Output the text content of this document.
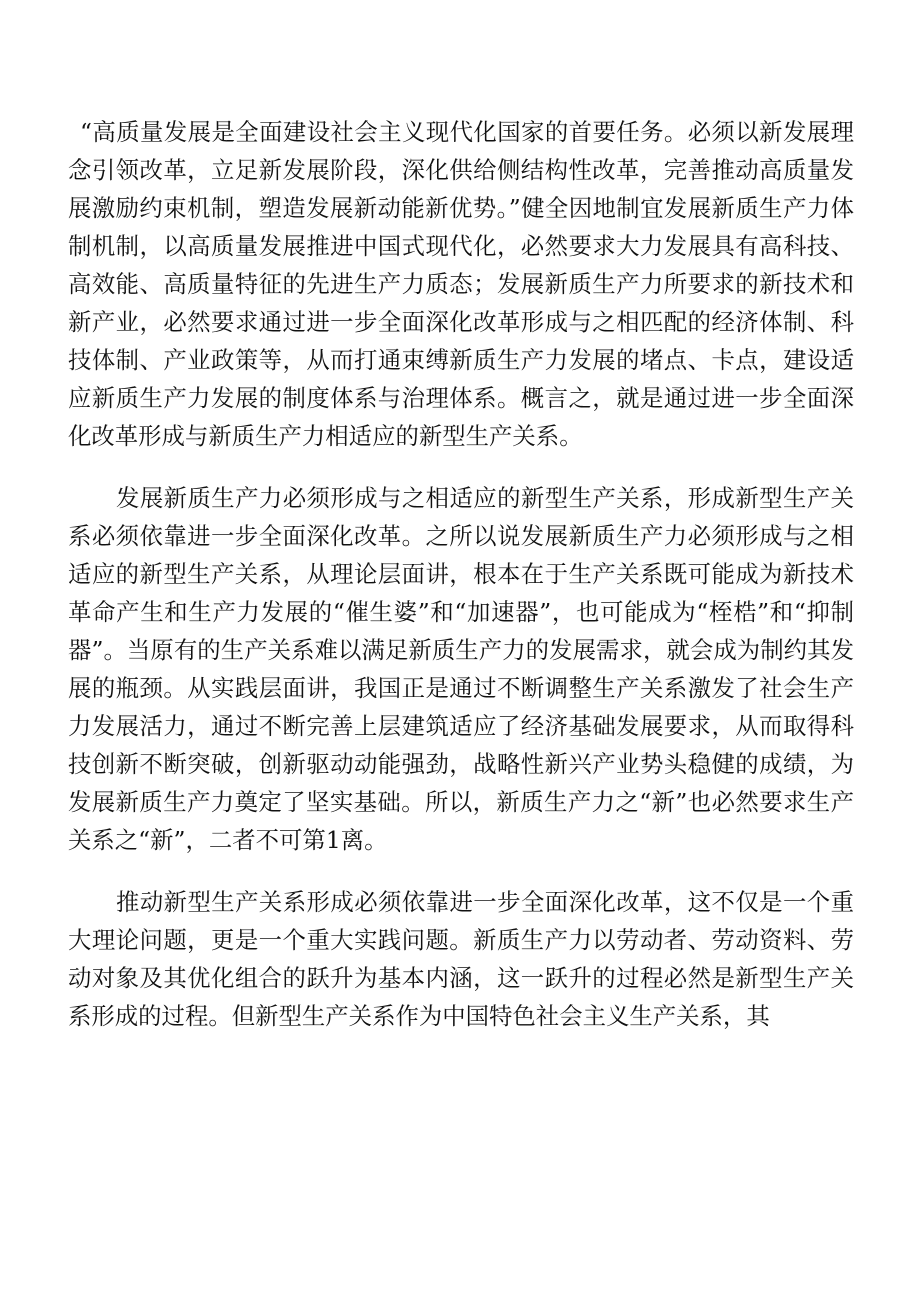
“高质量发展是全面建设社会主义现代化国家的首要任务。必须以新发展理念引领改革，立足新发展阶段，深化供给侧结构性改革，完善推动高质量发展激励约束机制，塑造发展新动能新优势。”健全因地制宜发展新质生产力体制机制，以高质量发展推进中国式现代化，必然要求大力发展具有高科技、高效能、高质量特征的先进生产力质态；发展新质生产力所要求的新技术和新产业，必然要求通过进一步全面深化改革形成与之相匹配的经济体制、科技体制、产业政策等，从而打通束缚新质生产力发展的堵点、卡点，建设适应新质生产力发展的制度体系与治理体系。概言之，就是通过进一步全面深化改革形成与新质生产力相适应的新型生产关系。

发展新质生产力必须形成与之相适应的新型生产关系，形成新型生产关系必须依靠进一步全面深化改革。之所以说发展新质生产力必须形成与之相适应的新型生产关系，从理论层面讲，根本在于生产关系既可能成为新技术革命产生和生产力发展的“催生婆”和“加速器”，也可能成为“桎梏”和“抑制器”。当原有的生产关系难以满足新质生产力的发展需求，就会成为制约其发展的瓶颈。从实践层面讲，我国正是通过不断调整生产关系激发了社会生产力发展活力，通过不断完善上层建筑适应了经济基础发展要求，从而取得科技创新不断突破，创新驱动动能强劲，战略性新兴产业势头稳健的成绩，为发展新质生产力奠定了坚实基础。所以，新质生产力之“新”也必然要求生产关系之“新”，二者不可第1离。

推动新型生产关系形成必须依靠进一步全面深化改革，这不仅是一个重大理论问题，更是一个重大实践问题。新质生产力以劳动者、劳动资料、劳动对象及其优化组合的跃升为基本内涵，这一跃升的过程必然是新型生产关系形成的过程。但新型生产关系作为中国特色社会主义生产关系，其
